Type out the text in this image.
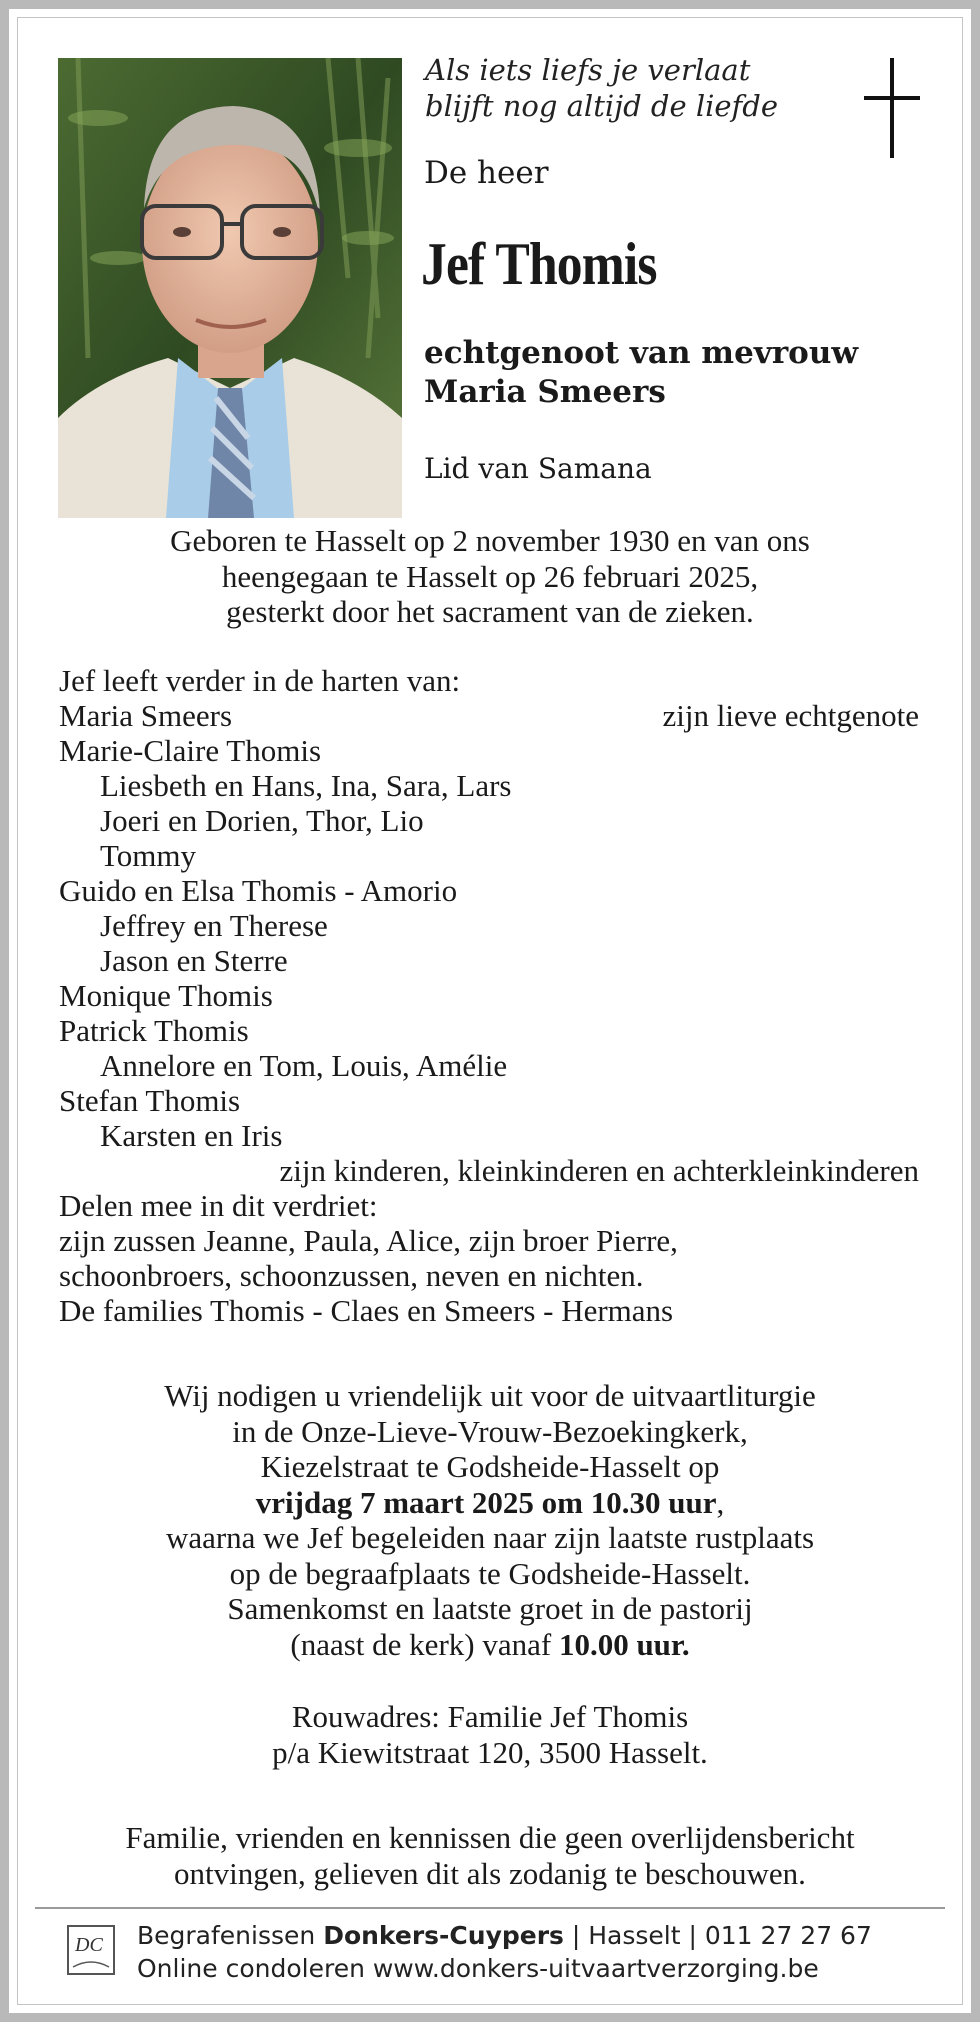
Als iets liefs je verlaat
blijft nog altijd de liefde
De heer
Jef Thomis
echtgenoot van mevrouw
Maria Smeers
Lid van Samana
Geboren te Hasselt op 2 november 1930 en van ons
heengegaan te Hasselt op 26 februari 2025,
gesterkt door het sacrament van de zieken.
Jef leeft verder in de harten van:
Maria Smeers	zijn lieve echtgenote
Marie-Claire Thomis
Liesbeth en Hans, Ina, Sara, Lars
Joeri en Dorien, Thor, Lio
Tommy
Guido en Elsa Thomis - Amorio
Jeffrey en Therese
Jason en Sterre
Monique Thomis
Patrick Thomis
Annelore en Tom, Louis, Amélie
Stefan Thomis
Karsten en Iris
zijn kinderen, kleinkinderen en achterkleinkinderen
Delen mee in dit verdriet:
zijn zussen Jeanne, Paula, Alice, zijn broer Pierre,
schoonbroers, schoonzussen, neven en nichten.
De families Thomis - Claes en Smeers - Hermans
Wij nodigen u vriendelijk uit voor de uitvaartliturgie
in de Onze-Lieve-Vrouw-Bezoekingkerk,
Kiezelstraat te Godsheide-Hasselt op
vrijdag 7 maart 2025 om 10.30 uur,
waarna we Jef begeleiden naar zijn laatste rustplaats
op de begraafplaats te Godsheide-Hasselt.
Samenkomst en laatste groet in de pastorij
(naast de kerk) vanaf 10.00 uur.
Rouwadres: Familie Jef Thomis
p/a Kiewitstraat 120, 3500 Hasselt.
Familie, vrienden en kennissen die geen overlijdensbericht
ontvingen, gelieven dit als zodanig te beschouwen.
DC Begrafenissen Donkers-Cuypers | Hasselt | 011 27 27 67
Online condoleren www.donkers-uitvaartverzorging.be
